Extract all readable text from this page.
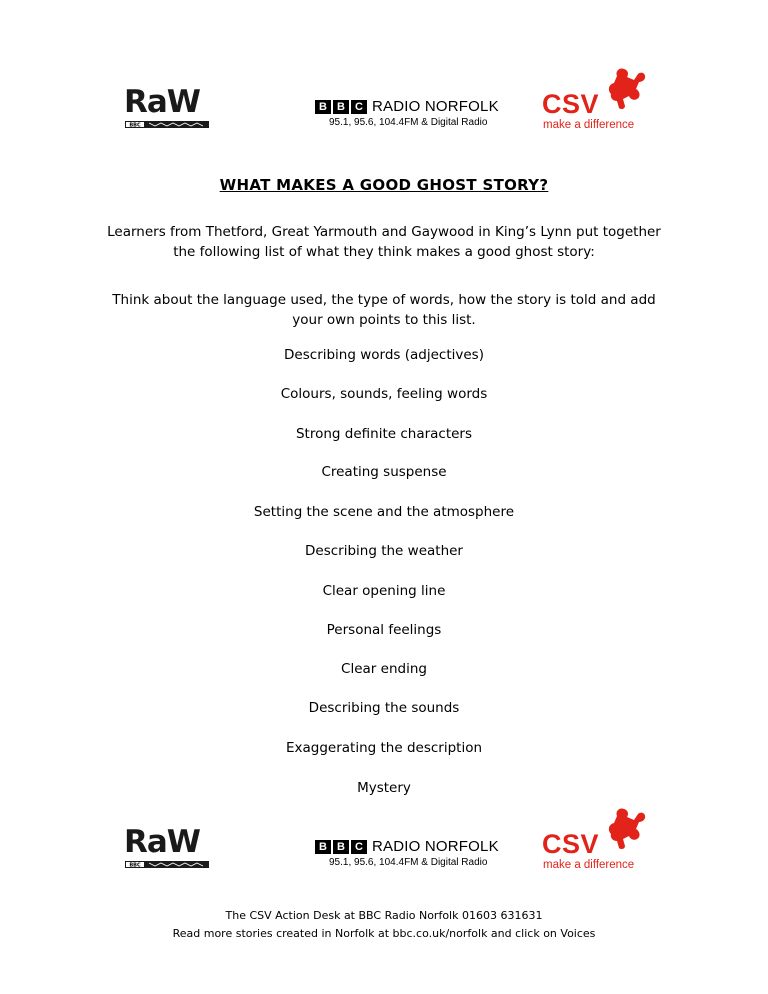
RaW
BBC
B B C RADIO NORFOLK
95.1, 95.6, 104.4FM & Digital Radio
CSV
make a difference
WHAT MAKES A GOOD GHOST STORY?
Learners from Thetford, Great Yarmouth and Gaywood in King’s Lynn put together the following list of what they think makes a good ghost story:
Think about the language used, the type of words, how the story is told and add your own points to this list.
Describing words (adjectives)
Colours, sounds, feeling words
Strong definite characters
Creating suspense
Setting the scene and the atmosphere
Describing the weather
Clear opening line
Personal feelings
Clear ending
Describing the sounds
Exaggerating the description
Mystery
RaW
BBC
B B C RADIO NORFOLK
95.1, 95.6, 104.4FM & Digital Radio
CSV
make a difference
The CSV Action Desk at BBC Radio Norfolk 01603 631631
Read more stories created in Norfolk at bbc.co.uk/norfolk and click on Voices
